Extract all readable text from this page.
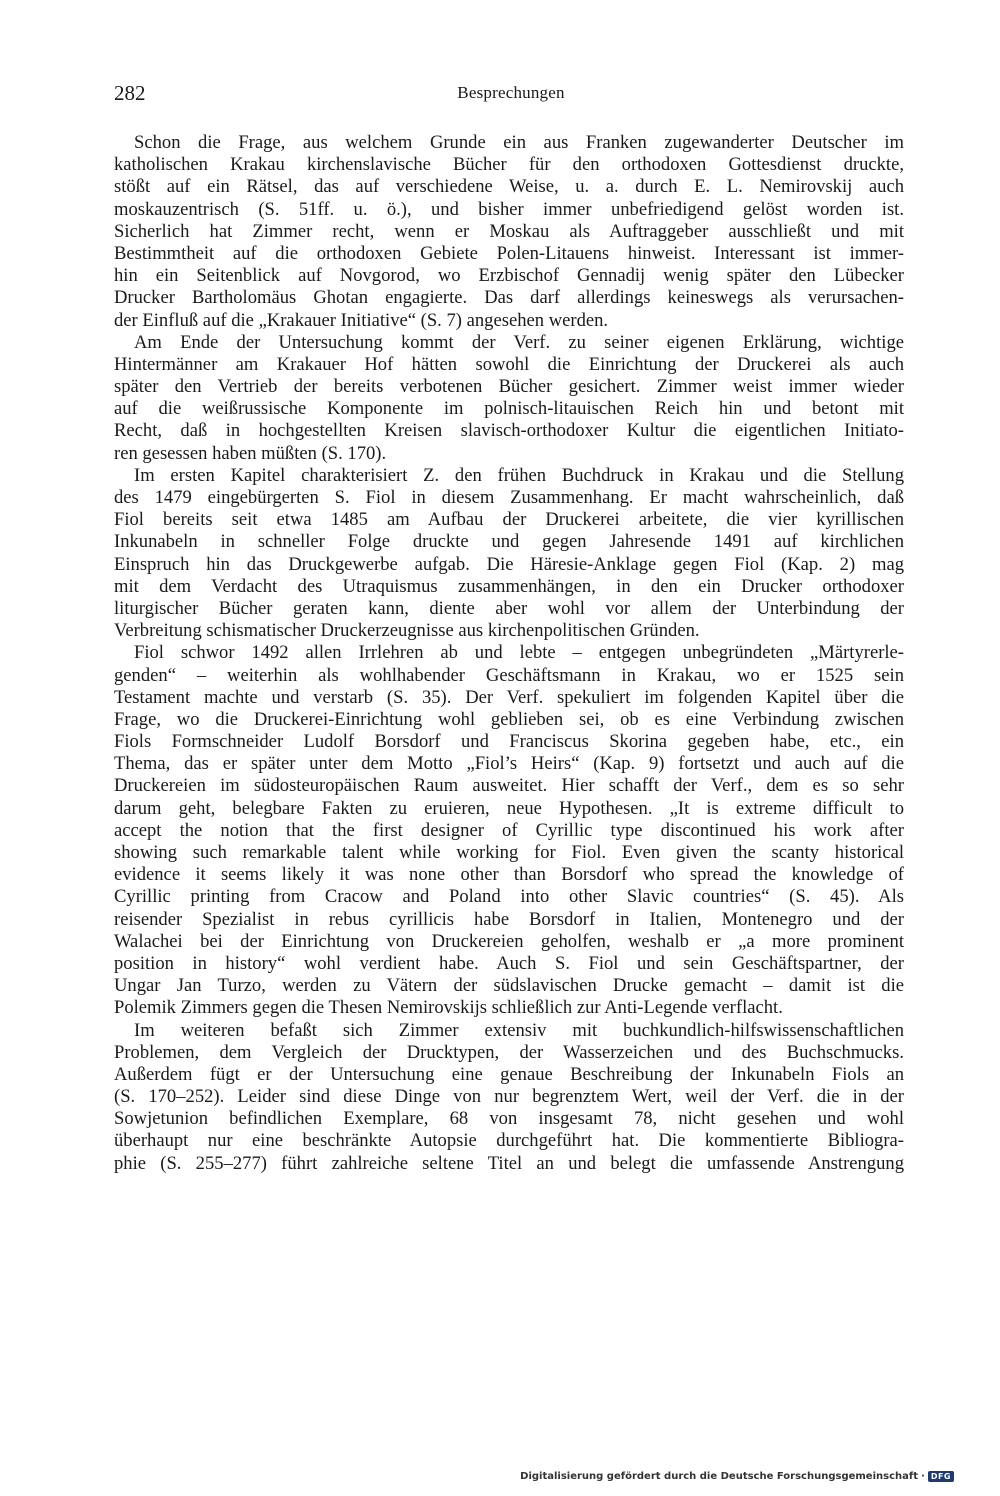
282	Besprechungen
Schon die Frage, aus welchem Grunde ein aus Franken zugewanderter Deutscher im
katholischen Krakau kirchenslavische Bücher für den orthodoxen Gottesdienst druckte,
stößt auf ein Rätsel, das auf verschiedene Weise, u. a. durch E. L. Nemirovskij auch
moskauzentrisch (S. 51ff. u. ö.), und bisher immer unbefriedigend gelöst worden ist.
Sicherlich hat Zimmer recht, wenn er Moskau als Auftraggeber ausschließt und mit
Bestimmtheit auf die orthodoxen Gebiete Polen-Litauens hinweist. Interessant ist immer-
hin ein Seitenblick auf Novgorod, wo Erzbischof Gennadij wenig später den Lübecker
Drucker Bartholomäus Ghotan engagierte. Das darf allerdings keineswegs als verursachen-
der Einfluß auf die „Krakauer Initiative“ (S. 7) angesehen werden.
Am Ende der Untersuchung kommt der Verf. zu seiner eigenen Erklärung, wichtige
Hintermänner am Krakauer Hof hätten sowohl die Einrichtung der Druckerei als auch
später den Vertrieb der bereits verbotenen Bücher gesichert. Zimmer weist immer wieder
auf die weißrussische Komponente im polnisch-litauischen Reich hin und betont mit
Recht, daß in hochgestellten Kreisen slavisch-orthodoxer Kultur die eigentlichen Initiato-
ren gesessen haben müßten (S. 170).
Im ersten Kapitel charakterisiert Z. den frühen Buchdruck in Krakau und die Stellung
des 1479 eingebürgerten S. Fiol in diesem Zusammenhang. Er macht wahrscheinlich, daß
Fiol bereits seit etwa 1485 am Aufbau der Druckerei arbeitete, die vier kyrillischen
Inkunabeln in schneller Folge druckte und gegen Jahresende 1491 auf kirchlichen
Einspruch hin das Druckgewerbe aufgab. Die Häresie-Anklage gegen Fiol (Kap. 2) mag
mit dem Verdacht des Utraquismus zusammenhängen, in den ein Drucker orthodoxer
liturgischer Bücher geraten kann, diente aber wohl vor allem der Unterbindung der
Verbreitung schismatischer Druckerzeugnisse aus kirchenpolitischen Gründen.
Fiol schwor 1492 allen Irrlehren ab und lebte – entgegen unbegründeten „Märtyrerle-
genden“ – weiterhin als wohlhabender Geschäftsmann in Krakau, wo er 1525 sein
Testament machte und verstarb (S. 35). Der Verf. spekuliert im folgenden Kapitel über die
Frage, wo die Druckerei-Einrichtung wohl geblieben sei, ob es eine Verbindung zwischen
Fiols Formschneider Ludolf Borsdorf und Franciscus Skorina gegeben habe, etc., ein
Thema, das er später unter dem Motto „Fiol’s Heirs“ (Kap. 9) fortsetzt und auch auf die
Druckereien im südosteuropäischen Raum ausweitet. Hier schafft der Verf., dem es so sehr
darum geht, belegbare Fakten zu eruieren, neue Hypothesen. „It is extreme difficult to
accept the notion that the first designer of Cyrillic type discontinued his work after
showing such remarkable talent while working for Fiol. Even given the scanty historical
evidence it seems likely it was none other than Borsdorf who spread the knowledge of
Cyrillic printing from Cracow and Poland into other Slavic countries“ (S. 45). Als
reisender Spezialist in rebus cyrillicis habe Borsdorf in Italien, Montenegro und der
Walachei bei der Einrichtung von Druckereien geholfen, weshalb er „a more prominent
position in history“ wohl verdient habe. Auch S. Fiol und sein Geschäftspartner, der
Ungar Jan Turzo, werden zu Vätern der südslavischen Drucke gemacht – damit ist die
Polemik Zimmers gegen die Thesen Nemirovskijs schließlich zur Anti-Legende verflacht.
Im weiteren befaßt sich Zimmer extensiv mit buchkundlich-hilfswissenschaftlichen
Problemen, dem Vergleich der Drucktypen, der Wasserzeichen und des Buchschmucks.
Außerdem fügt er der Untersuchung eine genaue Beschreibung der Inkunabeln Fiols an
(S. 170–252). Leider sind diese Dinge von nur begrenztem Wert, weil der Verf. die in der
Sowjetunion befindlichen Exemplare, 68 von insgesamt 78, nicht gesehen und wohl
überhaupt nur eine beschränkte Autopsie durchgeführt hat. Die kommentierte Bibliogra-
phie (S. 255–277) führt zahlreiche seltene Titel an und belegt die umfassende Anstrengung
Digitalisierung gefördert durch die Deutsche Forschungsgemeinschaft · DFG
